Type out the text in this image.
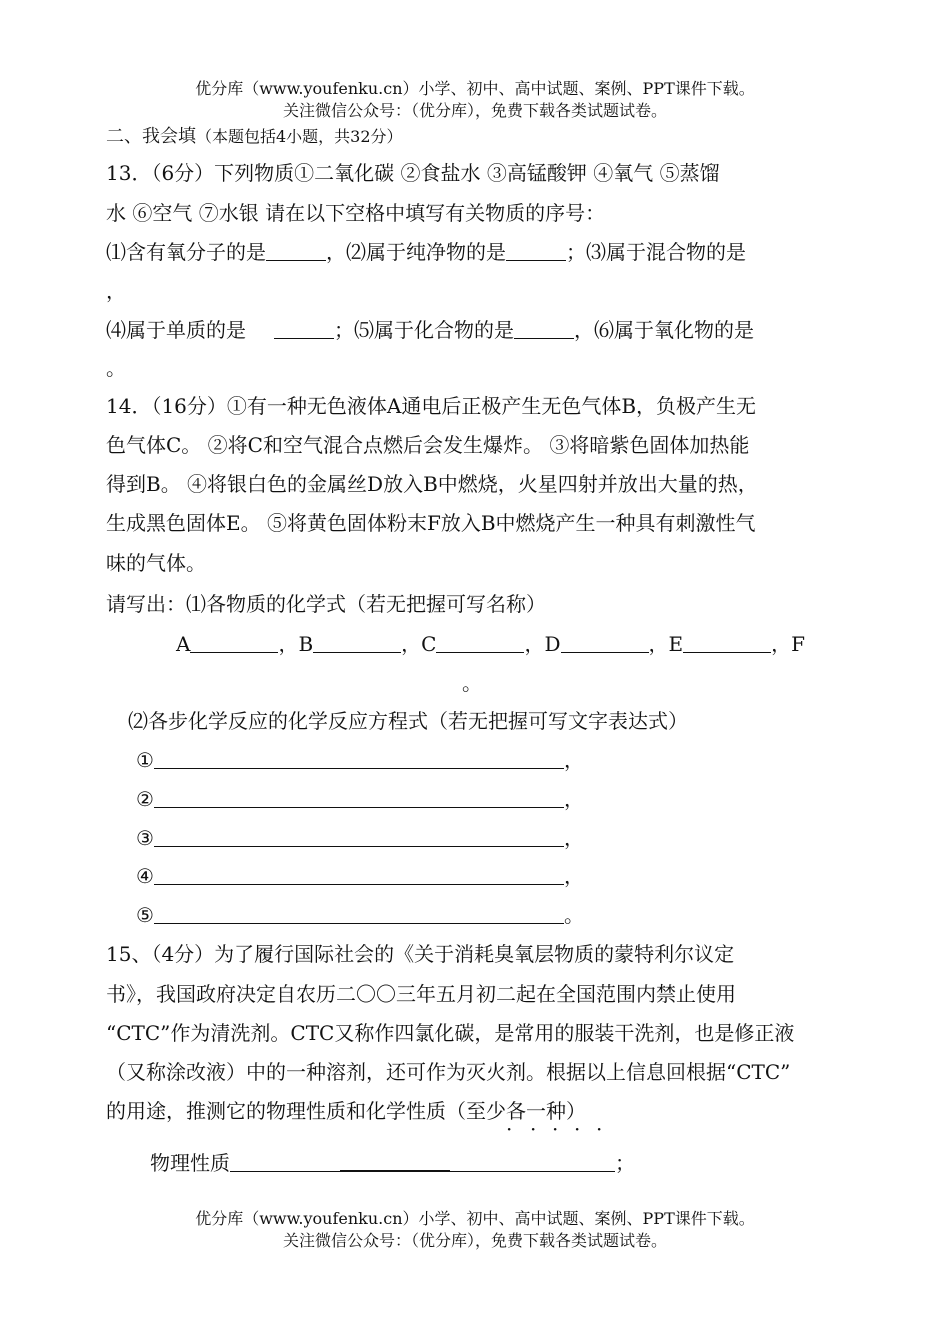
优分库（www.youfenku.cn）小学、初中、高中试题、案例、PPT课件下载。
关注微信公众号：（优分库），免费下载各类试题试卷。
二、我会填（本题包括4小题，共32分）
13．（6分）下列物质①二氧化碳 ②食盐水 ③高锰酸钾 ④氧气 ⑤蒸馏
水 ⑥空气 ⑦水银 请在以下空格中填写有关物质的序号：
⑴含有氧分子的是	，⑵属于纯净物的是	；⑶属于混合物的是
，
⑷属于单质的是	；⑸属于化合物的是	，⑹属于氧化物的是
。
14．（16分）①有一种无色液体A通电后正极产生无色气体B，负极产生无
色气体C。 ②将C和空气混合点燃后会发生爆炸。 ③将暗紫色固体加热能
得到B。 ④将银白色的金属丝D放入B中燃烧，火星四射并放出大量的热，
生成黑色固体E。 ⑤将黄色固体粉末F放入B中燃烧产生一种具有刺激性气
味的气体。
请写出：⑴各物质的化学式（若无把握可写名称）
A	，B	，C	，D	，E	，F
。
⑵各步化学反应的化学反应方程式（若无把握可写文字表达式）
①	，
②	，
③	，
④	，
⑤	。
15、（4分）为了履行国际社会的《关于消耗臭氧层物质的蒙特利尔议定
书》，我国政府决定自农历二〇〇三年五月初二起在全国范围内禁止使用
“CTC”作为清洗剂。CTC又称作四氯化碳，是常用的服装干洗剂，也是修正液
（又称涂改液）中的一种溶剂，还可作为灭火剂。根据以上信息回根据“CTC”
的用途，推测它的物理性质和化学性质（至少各一种）
· · · · ·
物理性质	；
优分库（www.youfenku.cn）小学、初中、高中试题、案例、PPT课件下载。
关注微信公众号：（优分库），免费下载各类试题试卷。
